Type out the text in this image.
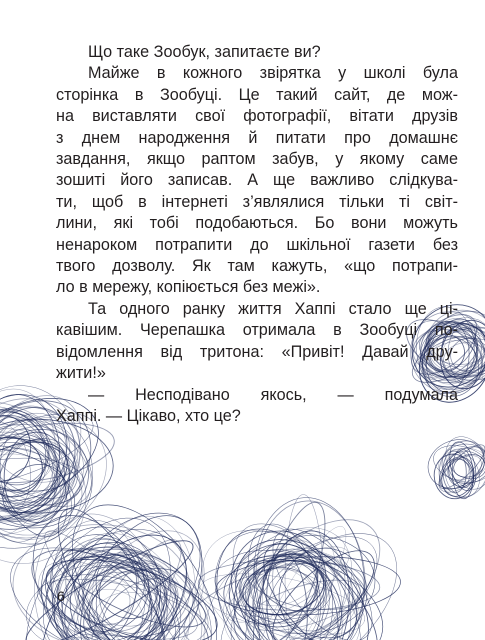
Що таке Зообук, запитаєте ви?
Майже в кожного звірятка у школі була
сторінка в Зообуці. Це такий сайт, де мож-
на виставляти свої фотографії, вітати друзів
з днем народження й питати про домашнє
завдання, якщо раптом забув, у якому саме
зошиті його записав. А ще важливо слідкува-
ти, щоб в інтернеті з’являлися тільки ті світ-
лини, які тобі подобаються. Бо вони можуть
ненароком потрапити до шкільної газети без
твого дозволу. Як там кажуть, «що потрапи-
ло в мережу, копіюється без межі».
Та одного ранку життя Хаппі стало ще ці-
кавішим. Черепашка отримала в Зообуці по-
відомлення від тритона: «Привіт! Давай дру-
жити!»
— Несподівано якось, — подумала
Хаппі. — Цікаво, хто це?
6
